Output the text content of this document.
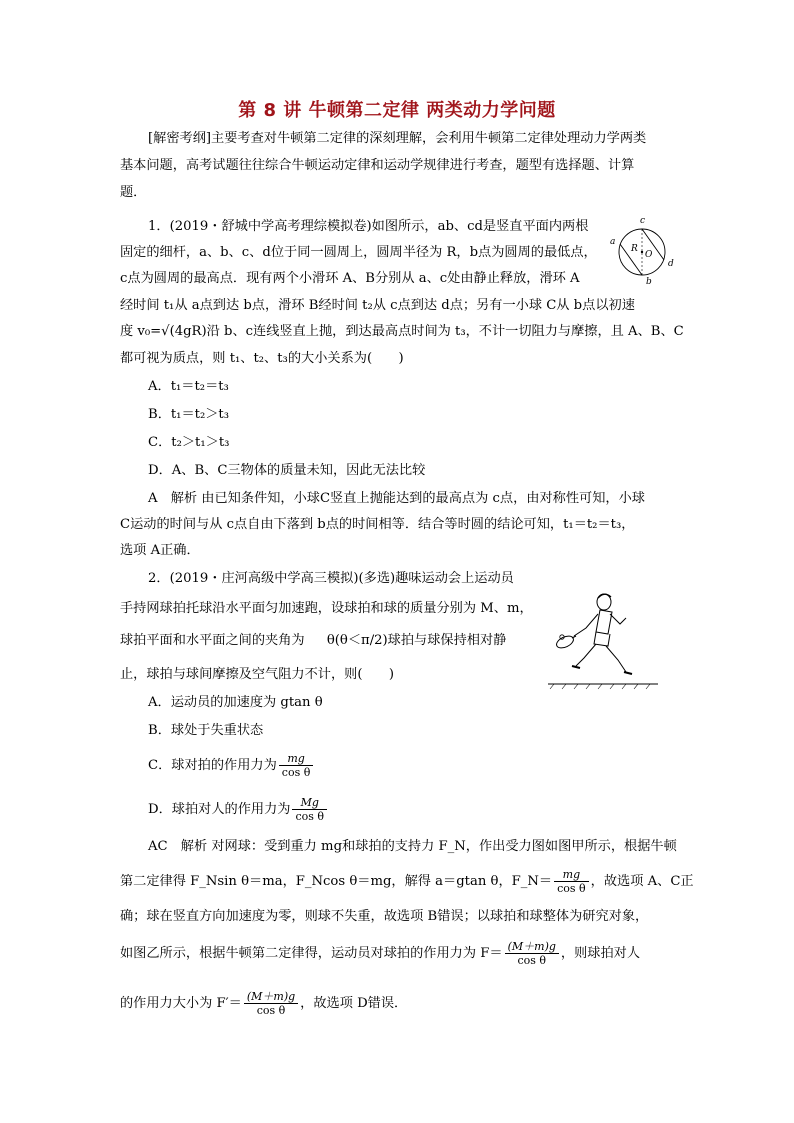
第 8 讲 牛顿第二定律 两类动力学问题
[解密考纲]主要考查对牛顿第二定律的深刻理解，会利用牛顿第二定律处理动力学两类
基本问题，高考试题往往综合牛顿运动定律和运动学规律进行考查，题型有选择题、计算
题．
1．(2019・舒城中学高考理综模拟卷)如图所示，ab、cd是竖直平面内两根
固定的细杆，a、b、c、d位于同一圆周上，圆周半径为 R，b点为圆周的最低点，
c点为圆周的最高点．现有两个小滑环 A、B分别从 a、c处由静止释放，滑环 A
经时间 t₁从 a点到达 b点，滑环 B经时间 t₂从 c点到达 d点；另有一小球 C从 b点以初速
度 v₀=√(4gR)沿 b、c连线竖直上抛，到达最高点时间为 t₃，不计一切阻力与摩擦，且 A、B、C
都可视为质点，则 t₁、t₂、t₃的大小关系为(　　)
c
a
d
b
R
O
A．t₁＝t₂＝t₃
B．t₁＝t₂＞t₃
C．t₂＞t₁＞t₃
D．A、B、C三物体的质量未知，因此无法比较
A　解析 由已知条件知，小球C竖直上抛能达到的最高点为 c点，由对称性可知，小球
C运动的时间与从 c点自由下落到 b点的时间相等．结合等时圆的结论可知，t₁＝t₂＝t₃，
选项 A正确．
2．(2019・庄河高级中学高三模拟)(多选)趣味运动会上运动员
手持网球拍托球沿水平面匀加速跑，设球拍和球的质量分别为 M、m，
球拍平面和水平面之间的夹角为 θ(θ＜π/2)球拍与球保持相对静
止，球拍与球间摩擦及空气阻力不计，则(　　)
A．运动员的加速度为 gtan θ
B．球处于失重状态
C．球对拍的作用力为 $\frac{mg}{\text{cos θ}}$
D．球拍对人的作用力为 $\frac{Mg}{\text{cos θ}}$
AC　解析 对网球：受到重力 mg和球拍的支持力 F_N，作出受力图如图甲所示，根据牛顿
第二定律得 F_Nsin θ＝ma，F_Ncos θ＝mg，解得 a＝gtan θ，F_N＝ $\frac{mg}{\text{cos θ}}$ ，故选项 A、C正
确；球在竖直方向加速度为零，则球不失重，故选项 B错误；以球拍和球整体为研究对象，
如图乙所示，根据牛顿第二定律得，运动员对球拍的作用力为 $F= \frac{(M+m)g}{\text{cos θ}}$ ，则球拍对人
的作用力大小为 $F'= \frac{(M+m)g}{\text{cos θ}}$ ，故选项 D错误．
